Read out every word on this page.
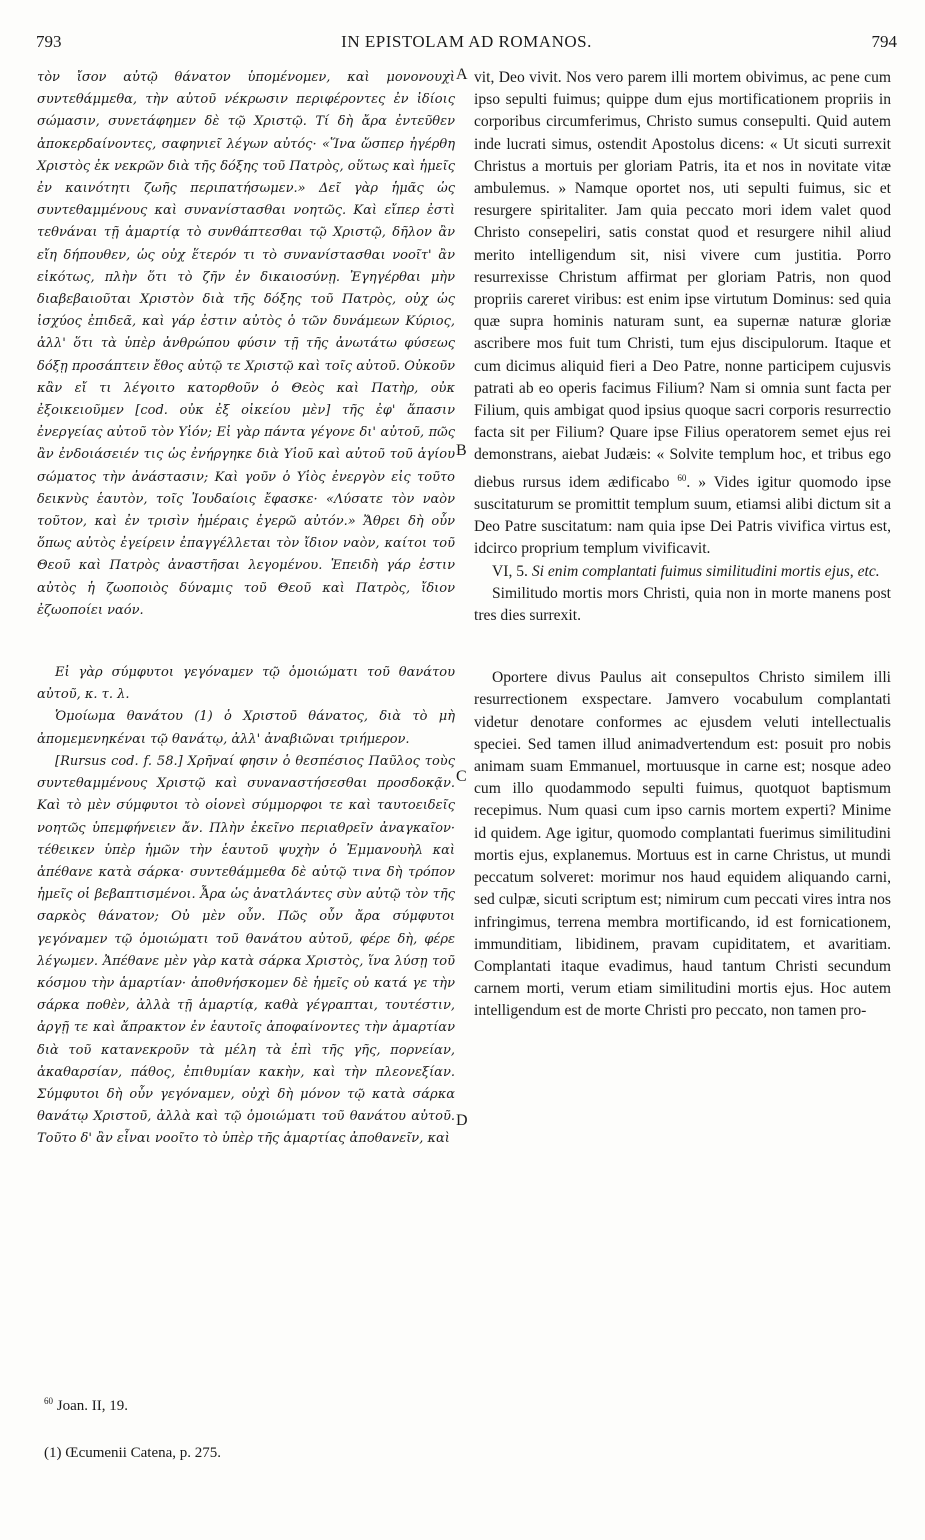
793	IN EPISTOLAM AD ROMANOS.	794

τὸν ἴσον αὐτῷ θάνατον ὑπομένομεν, καὶ μονονουχὶ συντεθάμμεθα, τὴν αὐτοῦ νέκρωσιν περιφέροντες ἐν ἰδίοις σώμασιν, συνετάφημεν δὲ τῷ Χριστῷ. Τί δὴ ἄρα ἐντεῦθεν ἀποκερδαίνοντες, σαφηνιεῖ λέγων αὐτός· «Ἵνα ὥσπερ ἠγέρθη Χριστὸς ἐκ νεκρῶν διὰ τῆς δόξης τοῦ Πατρὸς, οὕτως καὶ ἡμεῖς ἐν καινότητι ζωῆς περιπατήσωμεν.» Δεῖ γὰρ ἡμᾶς ὡς συντεθαμμένους καὶ συνανίστασθαι νοητῶς. Καὶ εἴπερ ἐστὶ τεθνάναι τῇ ἁμαρτίᾳ τὸ συνθάπτεσθαι τῷ Χριστῷ, δῆλον ἂν εἴη δήπουθεν, ὡς οὐχ ἕτερόν τι τὸ συνανίστασθαι νοοῖτ' ἂν εἰκότως, πλὴν ὅτι τὸ ζῆν ἐν δικαιοσύνῃ. Ἐγηγέρθαι μὴν διαβεβαιοῦται Χριστὸν διὰ τῆς δόξης τοῦ Πατρὸς, οὐχ ὡς ἰσχύος ἐπιδεᾶ, καὶ γάρ ἐστιν αὐτὸς ὁ τῶν δυνάμεων Κύριος, ἀλλ' ὅτι τὰ ὑπὲρ ἀνθρώπου φύσιν τῇ τῆς ἀνωτάτω φύσεως δόξῃ προσάπτειν ἔθος αὐτῷ τε Χριστῷ καὶ τοῖς αὐτοῦ. Οὐκοῦν κἂν εἴ τι λέγοιτο κατορθοῦν ὁ Θεὸς καὶ Πατὴρ, οὐκ ἐξοικειοῦμεν [cod. οὐκ ἐξ οἰκείου μὲν] τῆς ἐφ' ἅπασιν ἐνεργείας αὐτοῦ τὸν Υἱόν; Εἰ γὰρ πάντα γέγονε δι' αὐτοῦ, πῶς ἂν ἐνδοιάσειέν τις ὡς ἐνήργηκε διὰ Υἱοῦ καὶ αὐτοῦ τοῦ ἁγίου σώματος τὴν ἀνάστασιν; Καὶ γοῦν ὁ Υἱὸς ἐνεργὸν εἰς τοῦτο δεικνὺς ἑαυτὸν, τοῖς Ἰουδαίοις ἔφασκε· «Λύσατε τὸν ναὸν τοῦτον, καὶ ἐν τρισὶν ἡμέραις ἐγερῶ αὐτόν.» Ἄθρει δὴ οὖν ὅπως αὐτὸς ἐγείρειν ἐπαγγέλλεται τὸν ἴδιον ναὸν, καίτοι τοῦ Θεοῦ καὶ Πατρὸς ἀναστῆσαι λεγομένου. Ἐπειδὴ γάρ ἐστιν αὐτὸς ἡ ζωοποιὸς δύναμις τοῦ Θεοῦ καὶ Πατρὸς, ἴδιον ἐζωοποίει ναόν.

Εἰ γὰρ σύμφυτοι γεγόναμεν τῷ ὁμοιώματι τοῦ θανάτου αὐτοῦ, κ. τ. λ.

Ὁμοίωμα θανάτου (1) ὁ Χριστοῦ θάνατος, διὰ τὸ μὴ ἀπομεμενηκέναι τῷ θανάτῳ, ἀλλ' ἀναβιῶναι τριήμερον.

[Rursus cod. f. 58.] Χρῆναί φησιν ὁ θεσπέσιος Παῦλος τοὺς συντεθαμμένους Χριστῷ καὶ συναναστήσεσθαι προσδοκᾷν. Καὶ τὸ μὲν σύμφυτοι τὸ οἱονεὶ σύμμορφοι τε καὶ ταυτοειδεῖς νοητῶς ὑπεμφήνειεν ἄν. Πλὴν ἐκεῖνο περιαθρεῖν ἀναγκαῖον· τέθεικεν ὑπὲρ ἡμῶν τὴν ἑαυτοῦ ψυχὴν ὁ Ἐμμανουὴλ καὶ ἀπέθανε κατὰ σάρκα· συντεθάμμεθα δὲ αὐτῷ τινα δὴ τρόπον ἡμεῖς οἱ βεβαπτισμένοι. Ἆρα ὡς ἀνατλάντες σὺν αὐτῷ τὸν τῆς σαρκὸς θάνατον; Οὐ μὲν οὖν. Πῶς οὖν ἄρα σύμφυτοι γεγόναμεν τῷ ὁμοιώματι τοῦ θανάτου αὐτοῦ, φέρε δὴ, φέρε λέγωμεν. Ἀπέθανε μὲν γὰρ κατὰ σάρκα Χριστὸς, ἵνα λύσῃ τοῦ κόσμου τὴν ἁμαρτίαν· ἀποθνήσκομεν δὲ ἡμεῖς οὐ κατά γε τὴν σάρκα ποθὲν, ἀλλὰ τῇ ἁμαρτίᾳ, καθὰ γέγραπται, τουτέστιν, ἀργῇ τε καὶ ἄπρακτον ἐν ἑαυτοῖς ἀποφαίνοντες τὴν ἁμαρτίαν διὰ τοῦ κατανεκροῦν τὰ μέλη τὰ ἐπὶ τῆς γῆς, πορνείαν, ἀκαθαρσίαν, πάθος, ἐπιθυμίαν κακὴν, καὶ τὴν πλεονεξίαν. Σύμφυτοι δὴ οὖν γεγόναμεν, οὐχὶ δὴ μόνον τῷ κατὰ σάρκα θανάτῳ Χριστοῦ, ἀλλὰ καὶ τῷ ὁμοιώματι τοῦ θανάτου αὐτοῦ. Τοῦτο δ' ἂν εἶναι νοοῖτο τὸ ὑπὲρ τῆς ἁμαρτίας ἀποθανεῖν, καὶ

A
B
C
D

vit, Deo vivit. Nos vero parem illi mortem obivimus, ac pene cum ipso sepulti fuimus; quippe dum ejus mortificationem propriis in corporibus circumferimus, Christo sumus consepulti. Quid autem inde lucrati simus, ostendit Apostolus dicens: « Ut sicuti surrexit Christus a mortuis per gloriam Patris, ita et nos in novitate vitæ ambulemus. » Namque oportet nos, uti sepulti fuimus, sic et resurgere spiritaliter. Jam quia peccato mori idem valet quod Christo consepeliri, satis constat quod et resurgere nihil aliud merito intelligendum sit, nisi vivere cum justitia. Porro resurrexisse Christum affirmat per gloriam Patris, non quod propriis careret viribus: est enim ipse virtutum Dominus: sed quia quæ supra hominis naturam sunt, ea supernæ naturæ gloriæ ascribere mos fuit tum Christi, tum ejus discipulorum. Itaque et cum dicimus aliquid fieri a Deo Patre, nonne participem cujusvis patrati ab eo operis facimus Filium? Nam si omnia sunt facta per Filium, quis ambigat quod ipsius quoque sacri corporis resurrectio facta sit per Filium? Quare ipse Filius operatorem semet ejus rei demonstrans, aiebat Judæis: « Solvite templum hoc, et tribus ego diebus rursus idem ædificabo $^{60}$. » Vides igitur quomodo ipse suscitaturum se promittit templum suum, etiamsi alibi dictum sit a Deo Patre suscitatum: nam quia ipse Dei Patris vivifica virtus est, idcirco proprium templum vivificavit.

VI, 5. Si enim complantati fuimus similitudini mortis ejus, etc.

Similitudo mortis mors Christi, quia non in morte manens post tres dies surrexit.

Oportere divus Paulus ait consepultos Christo similem illi resurrectionem exspectare. Jamvero vocabulum complantati videtur denotare conformes ac ejusdem veluti intellectualis speciei. Sed tamen illud animadvertendum est: posuit pro nobis animam suam Emmanuel, mortuusque in carne est; nosque adeo cum illo quodammodo sepulti fuimus, quotquot baptismum recepimus. Num quasi cum ipso carnis mortem experti? Minime id quidem. Age igitur, quomodo complantati fuerimus similitudini mortis ejus, explanemus. Mortuus est in carne Christus, ut mundi peccatum solveret: morimur nos haud equidem aliquando carni, sed culpæ, sicuti scriptum est; nimirum cum peccati vires intra nos infringimus, terrena membra mortificando, id est fornicationem, immunditiam, libidinem, pravam cupiditatem, et avaritiam. Complantati itaque evadimus, haud tantum Christi secundum carnem morti, verum etiam similitudini mortis ejus. Hoc autem intelligendum est de morte Christi pro peccato, non tamen pro-

$^{60}$ Joan. II, 19.

(1) Œcumenii Catena, p. 275.
